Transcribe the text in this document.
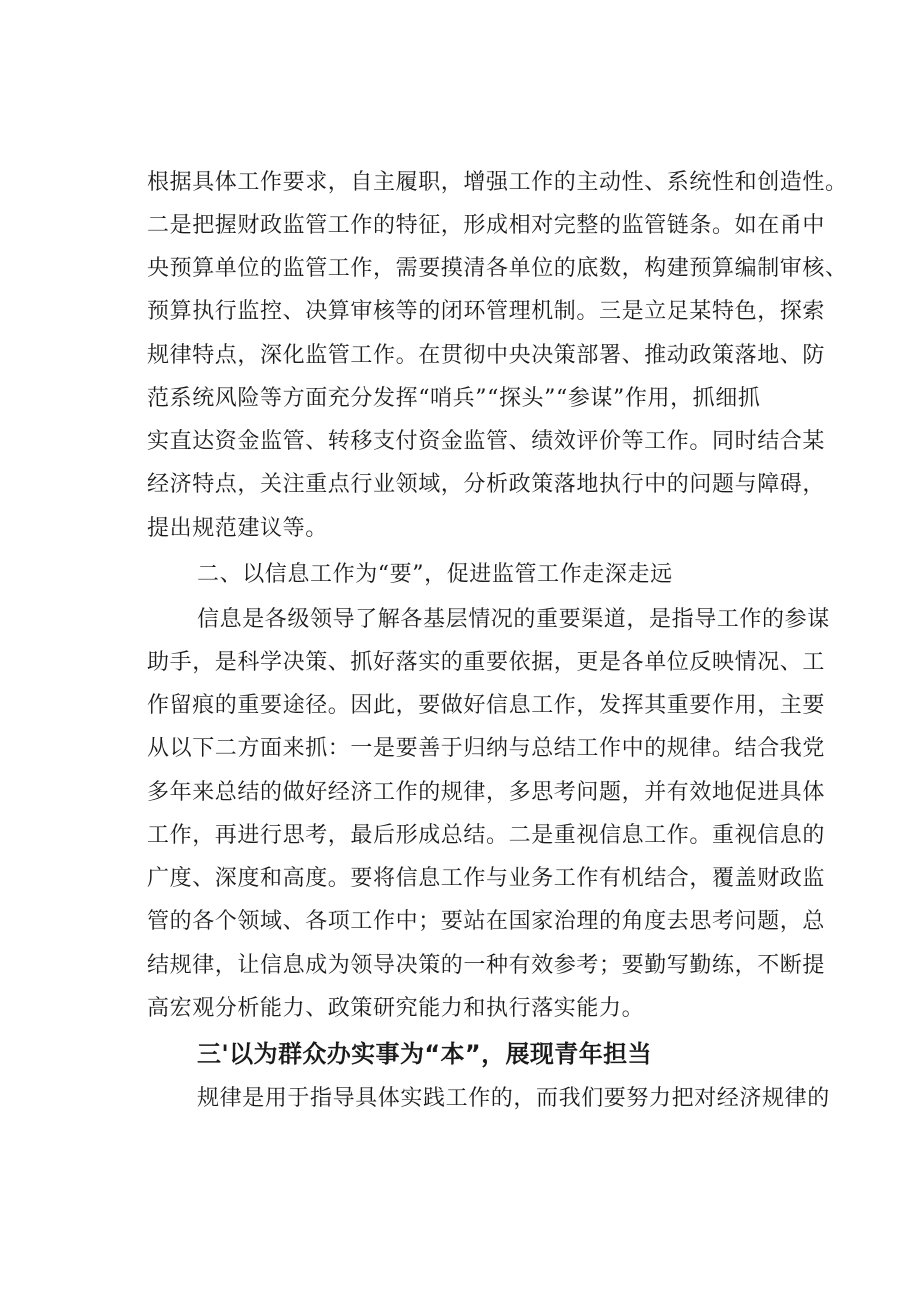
根据具体工作要求，自主履职，增强工作的主动性、系统性和创造性。
二是把握财政监管工作的特征，形成相对完整的监管链条。如在甬中
央预算单位的监管工作，需要摸清各单位的底数，构建预算编制审核、
预算执行监控、决算审核等的闭环管理机制。三是立足某特色，探索
规律特点，深化监管工作。在贯彻中央决策部署、推动政策落地、防
范系统风险等方面充分发挥“哨兵”“探头”“参谋”作用，抓细抓
实直达资金监管、转移支付资金监管、绩效评价等工作。同时结合某
经济特点，关注重点行业领域，分析政策落地执行中的问题与障碍，
提出规范建议等。
二、以信息工作为“要”，促进监管工作走深走远
信息是各级领导了解各基层情况的重要渠道，是指导工作的参谋
助手，是科学决策、抓好落实的重要依据，更是各单位反映情况、工
作留痕的重要途径。因此，要做好信息工作，发挥其重要作用，主要
从以下二方面来抓：一是要善于归纳与总结工作中的规律。结合我党
多年来总结的做好经济工作的规律，多思考问题，并有效地促进具体
工作，再进行思考，最后形成总结。二是重视信息工作。重视信息的
广度、深度和高度。要将信息工作与业务工作有机结合，覆盖财政监
管的各个领域、各项工作中；要站在国家治理的角度去思考问题，总
结规律，让信息成为领导决策的一种有效参考；要勤写勤练，不断提
高宏观分析能力、政策研究能力和执行落实能力。
三'以为群众办实事为“本”，展现青年担当
规律是用于指导具体实践工作的，而我们要努力把对经济规律的
